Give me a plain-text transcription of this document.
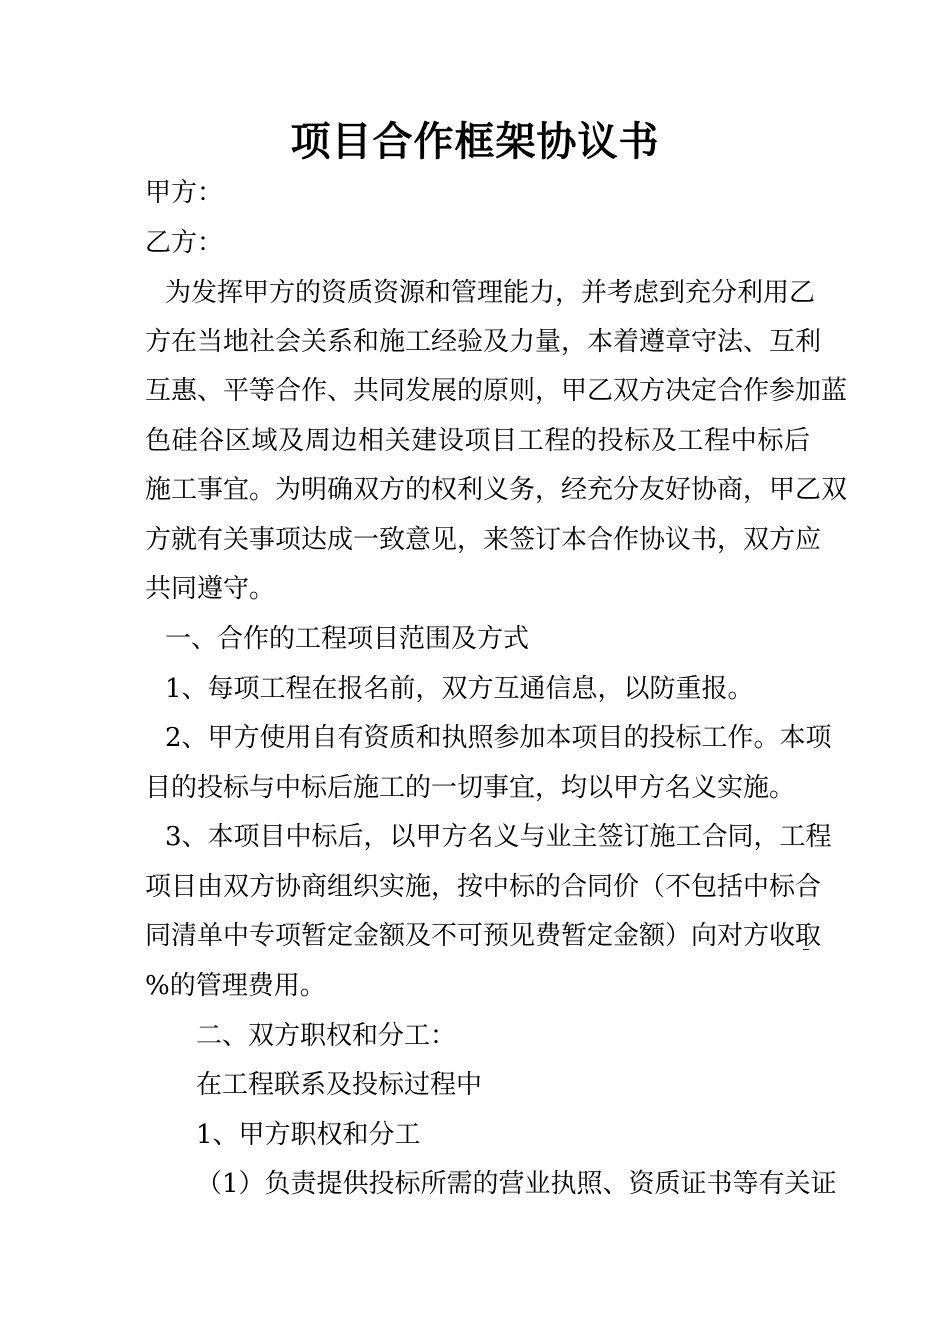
项目合作框架协议书
甲方：
乙方：
为发挥甲方的资质资源和管理能力，并考虑到充分利用乙
方在当地社会关系和施工经验及力量，本着遵章守法、互利
互惠、平等合作、共同发展的原则，甲乙双方决定合作参加蓝
色硅谷区域及周边相关建设项目工程的投标及工程中标后
施工事宜。为明确双方的权利义务，经充分友好协商，甲乙双
方就有关事项达成一致意见，来签订本合作协议书，双方应
共同遵守。
一、合作的工程项目范围及方式
1、每项工程在报名前，双方互通信息，以防重报。
2、甲方使用自有资质和执照参加本项目的投标工作。本项
目的投标与中标后施工的一切事宜，均以甲方名义实施。
3、本项目中标后，以甲方名义与业主签订施工合同，工程
项目由双方协商组织实施，按中标的合同价（不包括中标合
同清单中专项暂定金额及不可预见费暂定金额）向对方收取
%的管理费用。
二、双方职权和分工：
在工程联系及投标过程中
1、甲方职权和分工
（1）负责提供投标所需的营业执照、资质证书等有关证
